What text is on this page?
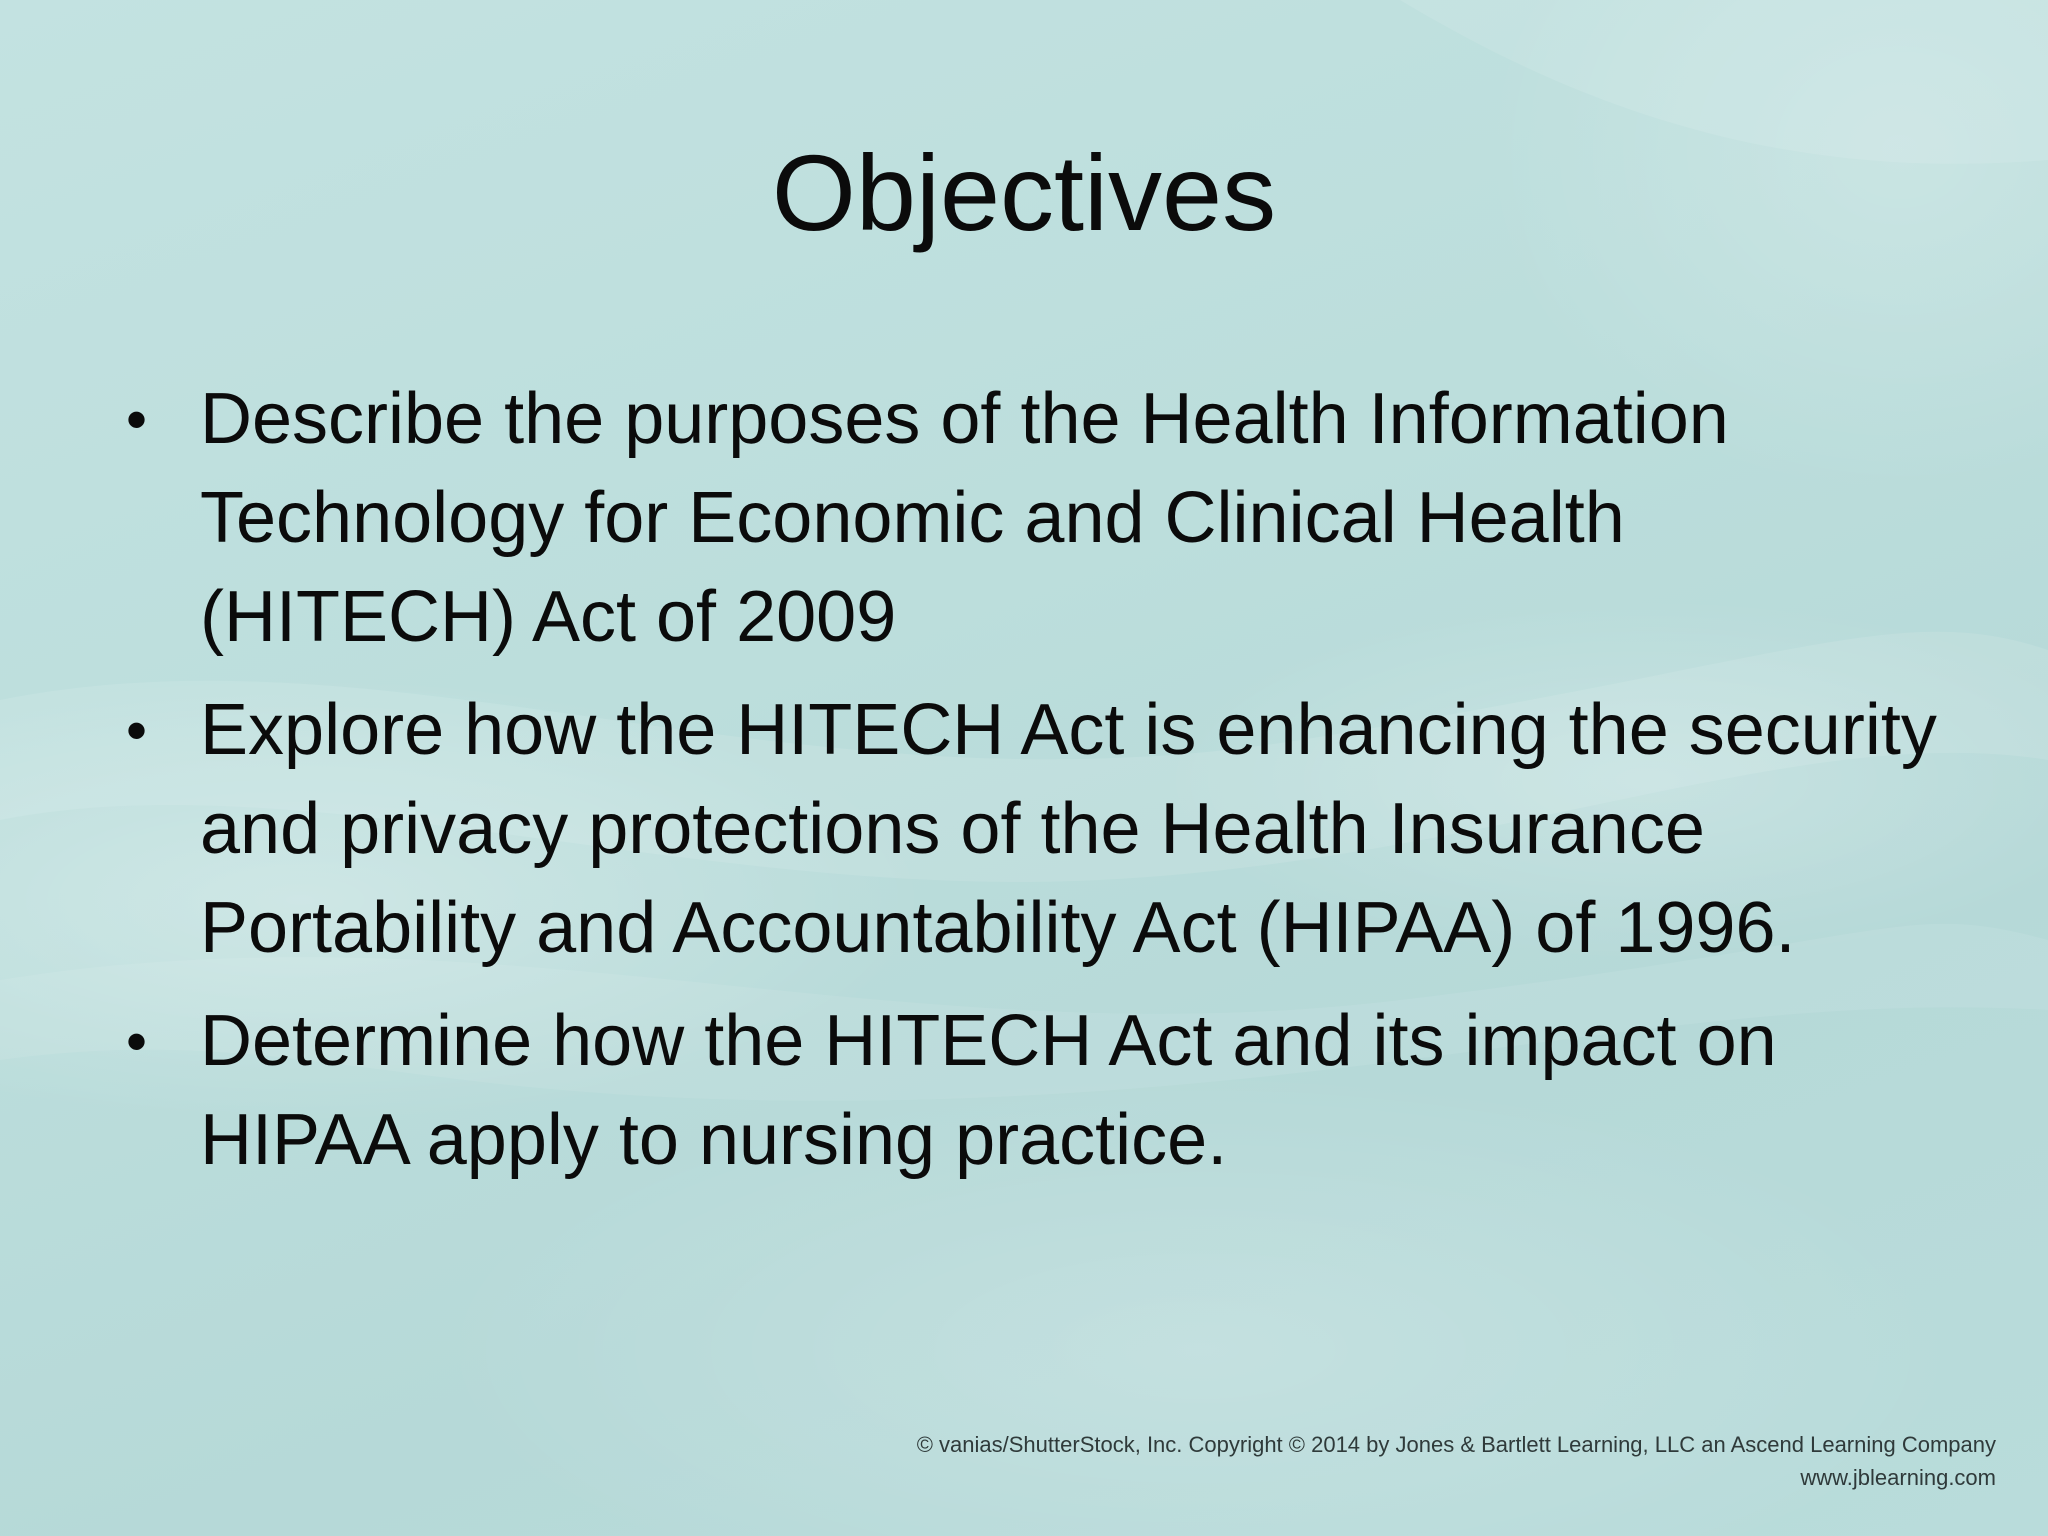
Objectives
• Describe the purposes of the Health Information Technology for Economic and Clinical Health (HITECH) Act of 2009
• Explore how the HITECH Act is enhancing the security and privacy protections of the Health Insurance Portability and Accountability Act (HIPAA) of 1996.
• Determine how the HITECH Act and its impact on HIPAA apply to nursing practice.
© vanias/ShutterStock, Inc. Copyright © 2014 by Jones & Bartlett Learning, LLC an Ascend Learning Company
www.jblearning.com
